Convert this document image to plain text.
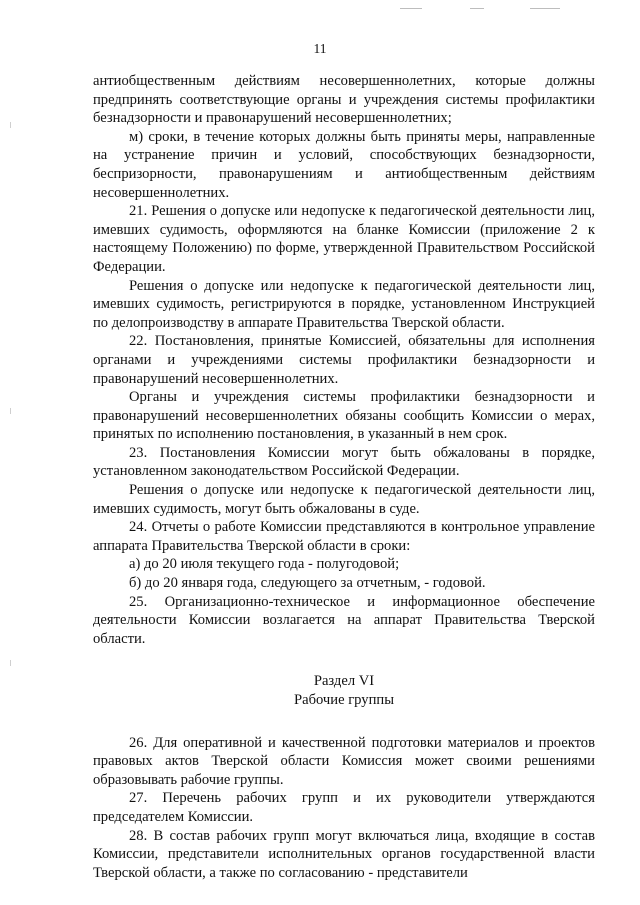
11

антиобщественным действиям несовершеннолетних, которые должны предпринять соответствующие органы и учреждения системы профилактики безнадзорности и правонарушений несовершеннолетних;

м) сроки, в течение которых должны быть приняты меры, направленные на устранение причин и условий, способствующих безнадзорности, беспризорности, правонарушениям и антиобщественным действиям несовершеннолетних.

21. Решения о допуске или недопуске к педагогической деятельности лиц, имевших судимость, оформляются на бланке Комиссии (приложение 2 к настоящему Положению) по форме, утвержденной Правительством Российской Федерации.

Решения о допуске или недопуске к педагогической деятельности лиц, имевших судимость, регистрируются в порядке, установленном Инструкцией по делопроизводству в аппарате Правительства Тверской области.

22. Постановления, принятые Комиссией, обязательны для исполнения органами и учреждениями системы профилактики безнадзорности и правонарушений несовершеннолетних.

Органы и учреждения системы профилактики безнадзорности и правонарушений несовершеннолетних обязаны сообщить Комиссии о мерах, принятых по исполнению постановления, в указанный в нем срок.

23. Постановления Комиссии могут быть обжалованы в порядке, установленном законодательством Российской Федерации.

Решения о допуске или недопуске к педагогической деятельности лиц, имевших судимость, могут быть обжалованы в суде.

24. Отчеты о работе Комиссии представляются в контрольное управление аппарата Правительства Тверской области в сроки:

а) до 20 июля текущего года - полугодовой;

б) до 20 января года, следующего за отчетным, - годовой.

25. Организационно-техническое и информационное обеспечение деятельности Комиссии возлагается на аппарат Правительства Тверской области.

Раздел VI
Рабочие группы

26. Для оперативной и качественной подготовки материалов и проектов правовых актов Тверской области Комиссия может своими решениями образовывать рабочие группы.

27. Перечень рабочих групп и их руководители утверждаются председателем Комиссии.

28. В состав рабочих групп могут включаться лица, входящие в состав Комиссии, представители исполнительных органов государственной власти Тверской области, а также по согласованию - представители
